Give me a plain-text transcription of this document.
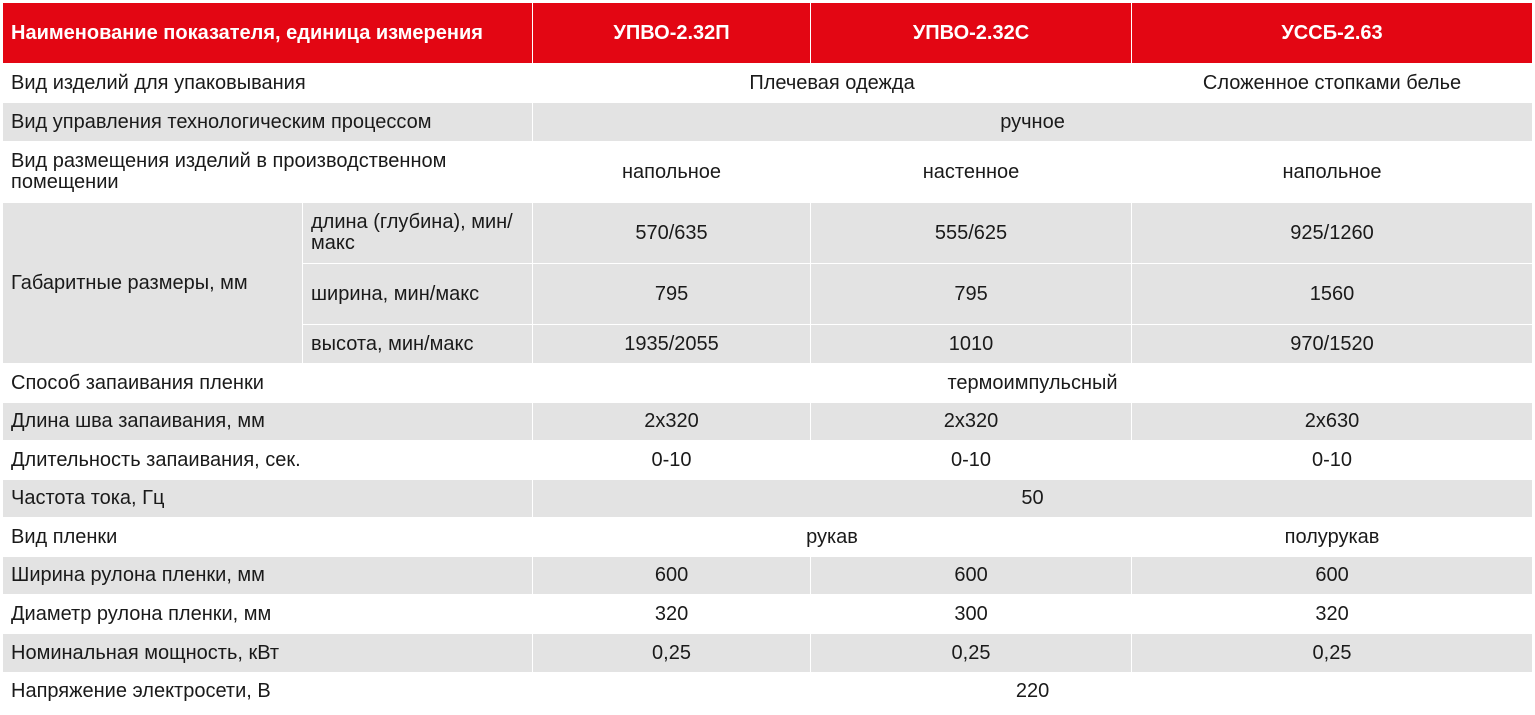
Наименование показателя, единица измерения		УПВО-2.32П	УПВО-2.32С	УССБ-2.63
Вид изделий для упаковывания		Плечевая одежда		Сложенное стопками белье
Вид управления технологическим процессом		ручное		
Вид размещения изделий в производственном помещении		напольное	настенное	напольное
Габаритные размеры, мм	длина (глубина), мин/макс	570/635	555/625	925/1260
	ширина, мин/макс	795	795	1560
	высота, мин/макс	1935/2055	1010	970/1520
Способ запаивания пленки		термоимпульсный		
Длина шва запаивания, мм		2х320	2х320	2х630
Длительность запаивания, сек.		0-10	0-10	0-10
Частота тока, Гц		50		
Вид пленки		рукав		полурукав
Ширина рулона пленки, мм		600	600	600
Диаметр рулона пленки, мм		320	300	320
Номинальная мощность, кВт		0,25	0,25	0,25
Напряжение электросети, В		220		
